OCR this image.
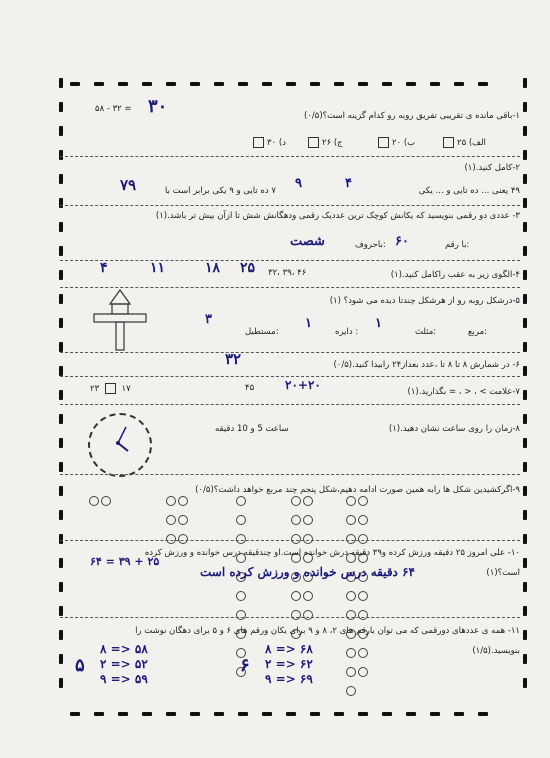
۱-باقی مانده ی تقریبی تفریق روبه رو کدام گزینه است؟(۰/۵)
۵۸ - ۳۲ = ۳۰
د) ۳۰	ج) ۲۶	ب) ۲۰	الف) ۲۵
۲-کامل کنید.(۱)
۴۹ یعنی ... ده تایی و ... یکی
۴
۹
۷ ده تایی و ۹ یکی برابر است با
۷۹
۳- عددی دو رقمی بنویسید که یکانش کوچک ترین عددیک رقمی ودهگانش شش تا ازآن بیش تر باشد.(۱)
با رقم:
۶۰
باحروف:
شصت
۴-الگوی زیر به عقب راکامل کنید.(۱)
۳۲، ۳۹، ۴۶
۲۵
۱۸
۱۱
۴
۵-درشکل روبه رو از هرشکل چندتا دیده می شود؟ (۱)
مربع:
مثلث:
۱
دایره :
۱
مستطیل:
۳
۶- در شمارش ۸ تا ۸ تا ،عدد بعداز۲۴ رابیدا کنید.(۰/۵)
۳۲
۷-علامت > ، < ، = بگذارید.(۱)
۲۳	۱۷	۴۵	۲۰+۲۰
۸-زمان را روی ساعت نشان دهید.(۱)
ساعت 5 و 10 دقیقه
۹-اگرکشیدین شکل ها رابه همین صورت ادامه دهیم،شکل پنجم چند مربع خواهد داشت؟(۰/۵)
۱۰- علی امروز ۲۵ دقیقه ورزش کرده و۳۹ دقیقه درش خوانده است.او چندقیقه درس خوانده و ورزش کرده
است؟(۱)
۶۴ دقیقه درس خوانده و ورزش کرده است
۲۵ + ۳۹ = ۶۴
۱۱- همه ی عددهای دورقمی که می توان بارقم های ۲، ۸ و ۹ برای یکان ورقم های ۶ و ۵ برای دهگان نوشت را
بنویسید.(۱/۵)
۵
۸ => ۵۸
۲ => ۵۲
۹ => ۵۹
۶
۸ => ۶۸
۲ => ۶۲
۹ => ۶۹
